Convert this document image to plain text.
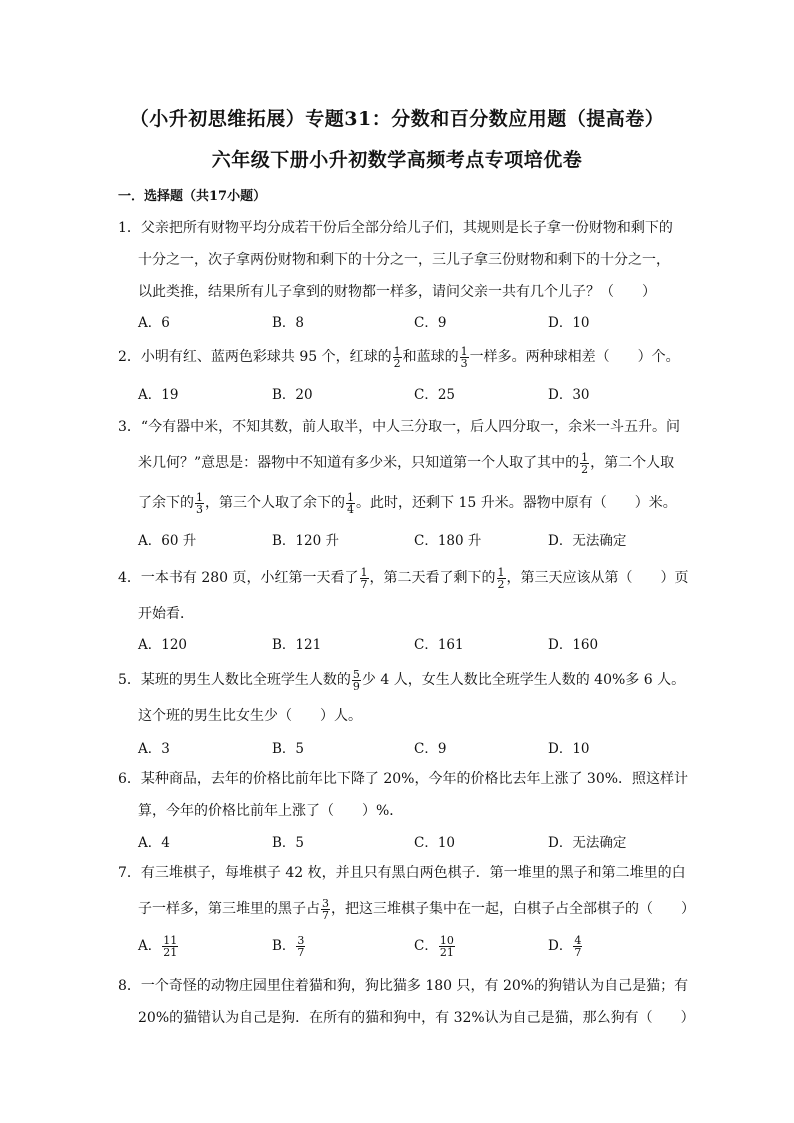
（小升初思维拓展）专题31：分数和百分数应用题（提高卷）
六年级下册小升初数学高频考点专项培优卷
一．选择题（共17小题）
1．父亲把所有财物平均分成若干份后全部分给儿子们，其规则是长子拿一份财物和剩下的
十分之一，次子拿两份财物和剩下的十分之一，三儿子拿三份财物和剩下的十分之一，
以此类推，结果所有儿子拿到的财物都一样多，请问父亲一共有几个儿子？（　　）
A．6	B．8	C．9	D．10
2．小明有红、蓝两色彩球共 95 个，红球的 $\frac{1}{2}$ 和蓝球的 $\frac{1}{3}$ 一样多。两种球相差（　　）个。
A．19	B．20	C．25	D．30
3．“今有器中米，不知其数，前人取半，中人三分取一，后人四分取一，余米一斗五升。问
米几何？”意思是：器物中不知道有多少米，只知道第一个人取了其中的 $\frac{1}{2}$ ，第二个人取
了余下的 $\frac{1}{3}$ ，第三个人取了余下的 $\frac{1}{4}$ 。此时，还剩下 15 升米。器物中原有（　　）米。
A．60 升	B．120 升	C．180 升	D．无法确定
4．一本书有 280 页，小红第一天看了 $\frac{1}{7}$ ，第二天看了剩下的 $\frac{1}{2}$ ，第三天应该从第（　　）页
开始看．
A．120	B．121	C．161	D．160
5．某班的男生人数比全班学生人数的 $\frac{5}{9}$ 少 4 人，女生人数比全班学生人数的 40%多 6 人。
这个班的男生比女生少（　　）人。
A．3	B．5	C．9	D．10
6．某种商品，去年的价格比前年比下降了 20%，今年的价格比去年上涨了 30%．照这样计
算，今年的价格比前年上涨了（　　）%．
A．4	B．5	C．10	D．无法确定
7．有三堆棋子，每堆棋子 42 枚，并且只有黑白两色棋子．第一堆里的黑子和第二堆里的白
子一样多，第三堆里的黑子占 $\frac{3}{7}$ ，把这三堆棋子集中在一起，白棋子占全部棋子的（　　）
A． $\frac{11}{21}$	B． $\frac{3}{7}$	C． $\frac{10}{21}$	D． $\frac{4}{7}$
8．一个奇怪的动物庄园里住着猫和狗，狗比猫多 180 只，有 20%的狗错认为自己是猫；有
20%的猫错认为自己是狗．在所有的猫和狗中，有 32%认为自己是猫，那么狗有（　　）
